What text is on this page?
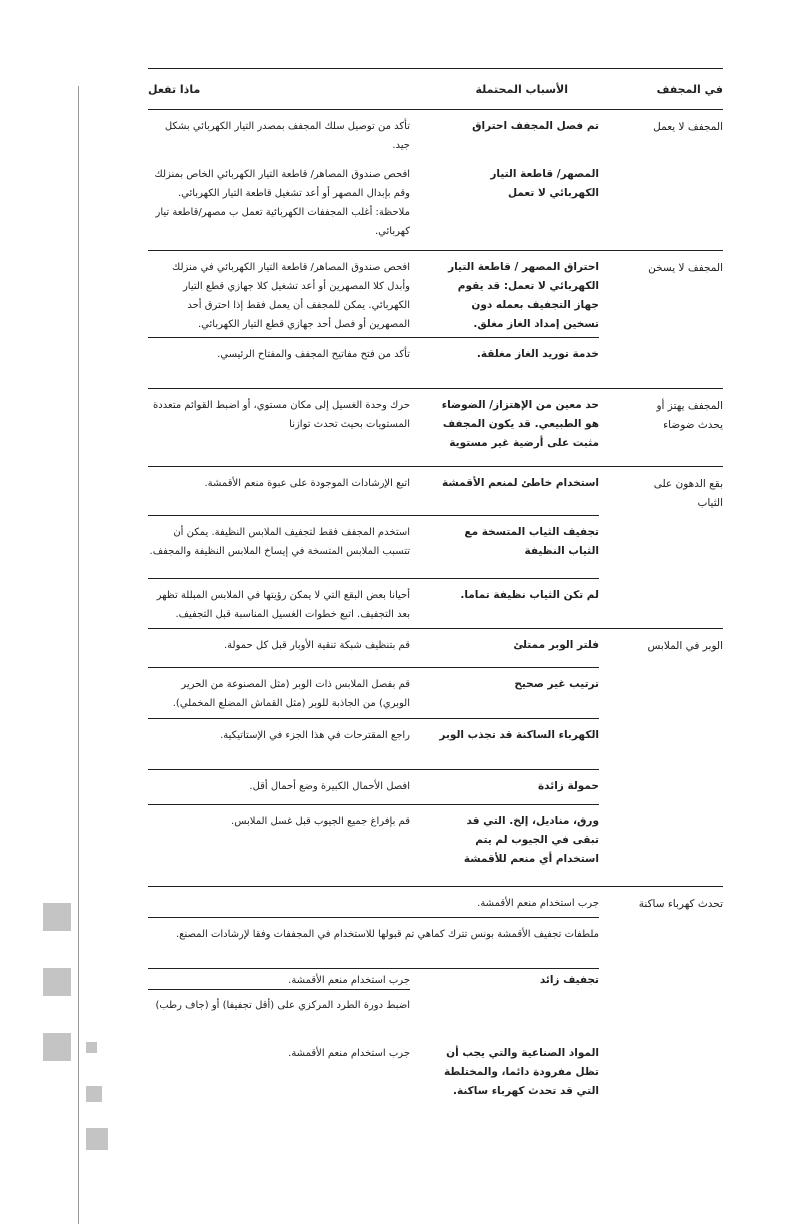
في المجفف
الأسباب المحتملة
ماذا تفعل
المجفف لا يعمل
تم فصل المجفف احتراق
تأكد من توصيل سلك المجفف بمصدر التيار الكهربائي بشكل جيد.
المصهر/ قاطعة التيار الكهربائي لا تعمل
افحص صندوق المصاهر/ قاطعة التيار الكهربائي الخاص بمنزلك وقم بإبدال المصهر أو أعد تشغيل قاطعة التيار الكهربائي. ملاحظة: أغلب المجففات الكهربائية تعمل ب مصهر/قاطعة تيار كهربائي.
المجفف لا يسخن
احتراق المصهر / قاطعة التيار الكهربائي لا تعمل: قد يقوم جهاز التجفيف بعمله دون تسخين إمداد الغاز مغلق.
افحص صندوق المصاهر/ قاطعة التيار الكهربائي في منزلك وأبدل كلا المصهرين أو أعد تشغيل كلا جهازي قطع التيار الكهربائي. يمكن للمجفف أن يعمل فقط إذا احترق أحد المصهرين أو فصل أحد جهازي قطع التيار الكهربائي.
خدمة توريد الغاز مغلقة.
تأكد من فتح مفاتيح المجفف والمفتاح الرئيسي.
المجفف يهتز أو يحدث ضوضاء
حد معين من الإهتزاز/ الضوضاء هو الطبيعي. قد يكون المجفف مثبت على أرضية غير مستوية
حرك وحدة الغسيل إلى مكان مستوي، أو اضبط القوائم متعددة المستويات بحيث تحدث توازنا
بقع الدهون على الثياب
استخدام خاطئ لمنعم الأقمشة
اتبع الإرشادات الموجودة على عبوة منعم الأقمشة.
تجفيف الثياب المتسخة مع الثياب النظيفة
استخدم المجفف فقط لتجفيف الملابس النظيفة. يمكن أن تتسبب الملابس المتسخة في إيساخ الملابس النظيفة والمجفف.
لم تكن الثياب نظيفة تماما.
أحيانا بعض البقع التي لا يمكن رؤيتها في الملابس المبللة تظهر بعد التجفيف. اتبع خطوات الغسيل المناسبة قبل التجفيف.
الوبر في الملابس
فلتر الوبر ممتلئ
قم بتنظيف شبكة تنقية الأوبار قبل كل حمولة.
ترتيب غير صحيح
قم بفصل الملابس ذات الوبر (مثل المصنوعة من الحرير الوبري) من الجاذبة للوبر (مثل القماش المضلع المخملي).
الكهرباء الساكنة قد تجذب الوبر
راجع المقترحات في هذا الجزء في الإستاتيكية.
حمولة زائدة
افصل الأحمال الكبيرة وضع أحمال أقل.
ورق، مناديل، إلخ. التي قد تبقى في الجيوب لم يتم استخدام أي منعم للأقمشة
قم بإفراغ جميع الجيوب قبل غسل الملابس.
تحدث كهرباء ساكنة
جرب استخدام منعم الأقمشة.
ملطفات تجفيف الأقمشة بونس تترك كماهي تم قبولها للاستخدام في المجففات وفقا لإرشادات المصنع.
تجفيف زائد
جرب استخدام منعم الأقمشة.
اضبط دورة الطرد المركزي على (أقل تجفيفا) أو (جاف رطب)
المواد الصناعية والتي يجب أن تظل مفرودة دائما، والمختلطة التي قد تحدث كهرباء ساكنة.
جرب استخدام منعم الأقمشة.
